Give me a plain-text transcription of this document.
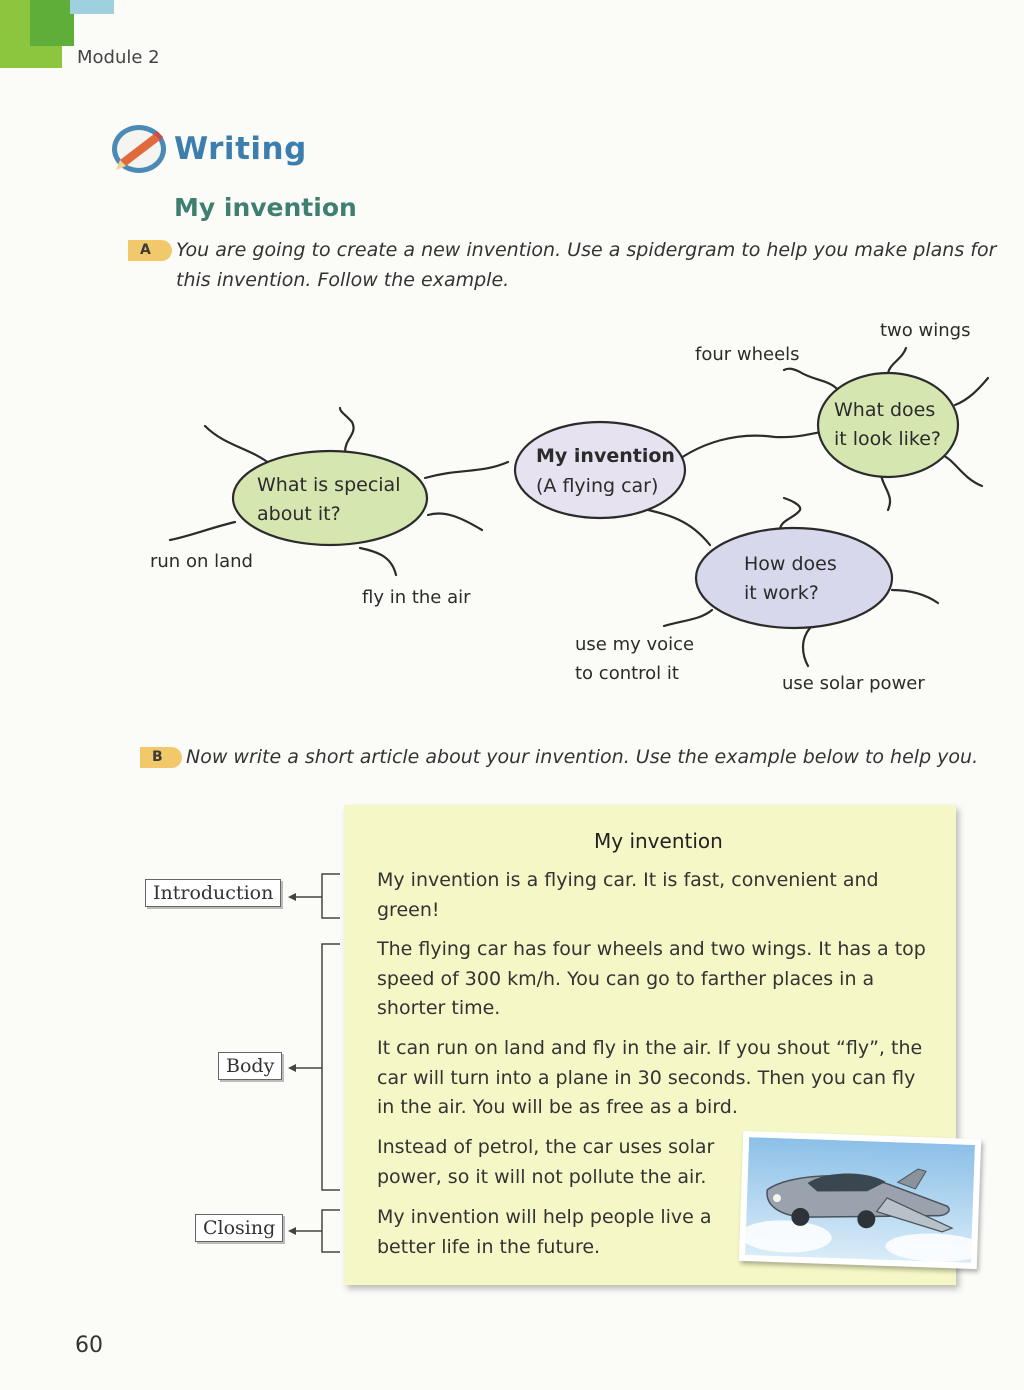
Module 2
Writing
My invention
A	You are going to create a new invention. Use a spidergram to help you make plans for this invention. Follow the example.
What is special
about it?
My invention
(A flying car)
What does
it look like?
How does
it work?
run on land
fly in the air
four wheels
two wings
use my voice
to control it	use solar power
B	Now write a short article about your invention. Use the example below to help you.
Introduction
Body
Closing
My invention
My invention is a flying car. It is fast, convenient and green!
The flying car has four wheels and two wings. It has a top speed of 300 km/h. You can go to farther places in a shorter time.
It can run on land and fly in the air. If you shout “fly”, the car will turn into a plane in 30 seconds. Then you can fly in the air. You will be as free as a bird.
Instead of petrol, the car uses solar power, so it will not pollute the air.
My invention will help people live a better life in the future.
60
